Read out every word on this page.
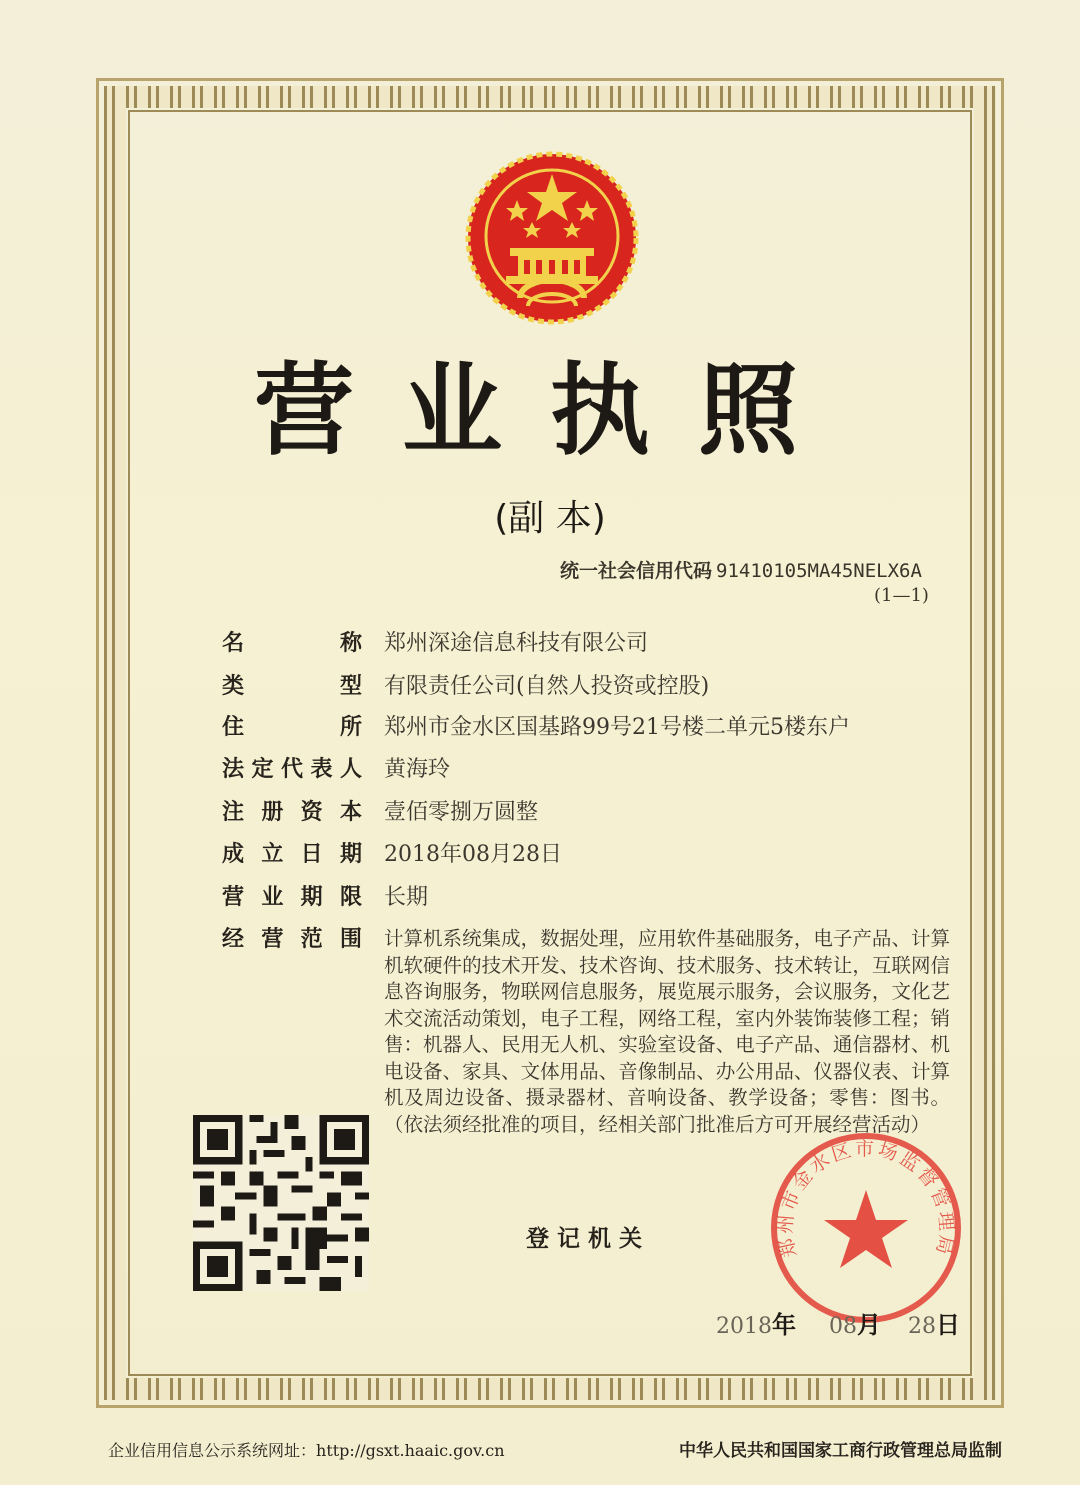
营业执照
(副 本)
统一社会信用代码 91410105MA45NELX6A
(1—1)
名	称 郑州深途信息科技有限公司
类	型 有限责任公司(自然人投资或控股)
住	所 郑州市金水区国基路99号21号楼二单元5楼东户
法 定 代 表 人 黄海玲
注 册 资 本 壹佰零捌万圆整
成 立 日 期 2018年08月28日
营 业 期 限 长期
经 营 范 围 计算机系统集成，数据处理，应用软件基础服务，电子产品、计算机软硬件的技术开发、技术咨询、技术服务、技术转让，互联网信息咨询服务，物联网信息服务，展览展示服务，会议服务，文化艺术交流活动策划，电子工程，网络工程，室内外装饰装修工程；销售：机器人、民用无人机、实验室设备、电子产品、通信器材、机电设备、家具、文体用品、音像制品、办公用品、仪器仪表、计算机及周边设备、摄录器材、音响设备、教学设备；零售：图书。（依法须经批准的项目，经相关部门批准后方可开展经营活动）
登记机关	郑州市金水区市场监督管理局
2018年 08月 28日
企业信用信息公示系统网址：http://gsxt.haaic.gov.cn	中华人民共和国国家工商行政管理总局监制
